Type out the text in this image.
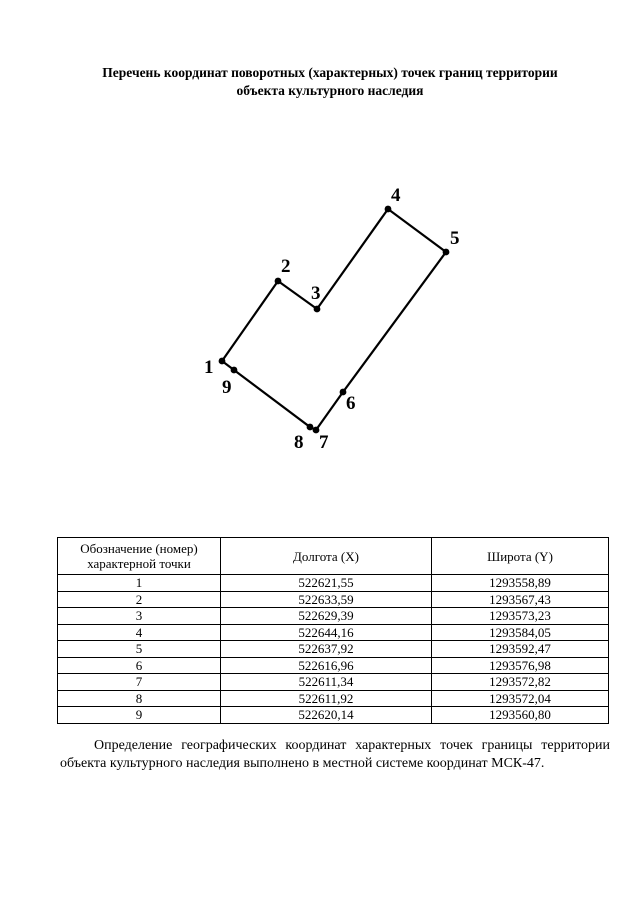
Перечень координат поворотных (характерных) точек границ территории
объекта культурного наследия
1
2
3
4
5
6
7
8
9
Обозначение (номер) характерной точки	Долгота (X)	Широта (Y)
1	522621,55	1293558,89
2	522633,59	1293567,43
3	522629,39	1293573,23
4	522644,16	1293584,05
5	522637,92	1293592,47
6	522616,96	1293576,98
7	522611,34	1293572,82
8	522611,92	1293572,04
9	522620,14	1293560,80

Определение географических координат характерных точек границы территории объекта культурного наследия выполнено в местной системе координат МСК-47.
